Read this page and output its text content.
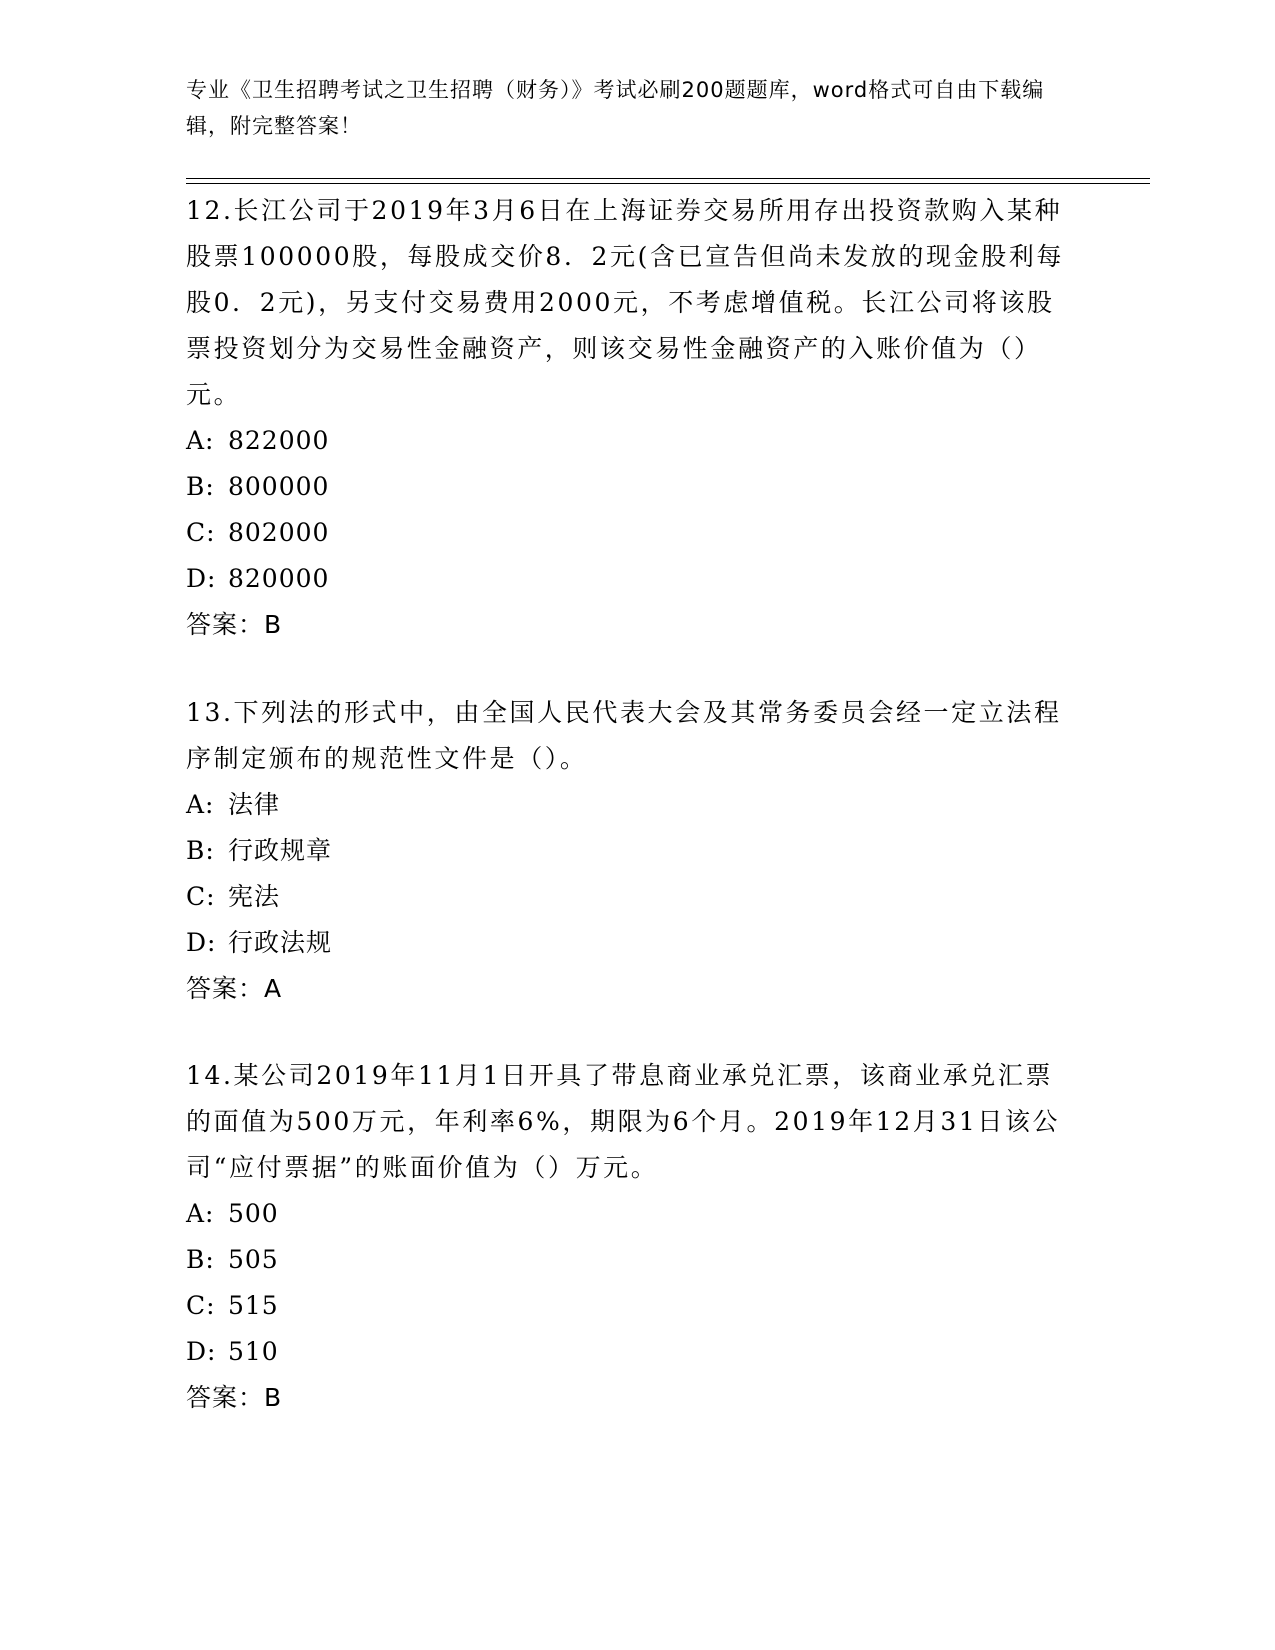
专业《卫生招聘考试之卫生招聘（财务）》考试必刷200题题库，word格式可自由下载编辑，附完整答案！

12.长江公司于2019年3月6日在上海证券交易所用存出投资款购入某种股票100000股，每股成交价8．2元(含已宣告但尚未发放的现金股利每股0．2元)，另支付交易费用2000元，不考虑增值税。长江公司将该股票投资划分为交易性金融资产，则该交易性金融资产的入账价值为（）元。

A: 822000
B: 800000
C: 802000
D: 820000

答案：B

13.下列法的形式中，由全国人民代表大会及其常务委员会经一定立法程序制定颁布的规范性文件是（）。

A: 法律
B: 行政规章
C: 宪法
D: 行政法规

答案：A

14.某公司2019年11月1日开具了带息商业承兑汇票，该商业承兑汇票的面值为500万元，年利率6%，期限为6个月。2019年12月31日该公司“应付票据”的账面价值为（）万元。

A: 500
B: 505
C: 515
D: 510

答案：B
